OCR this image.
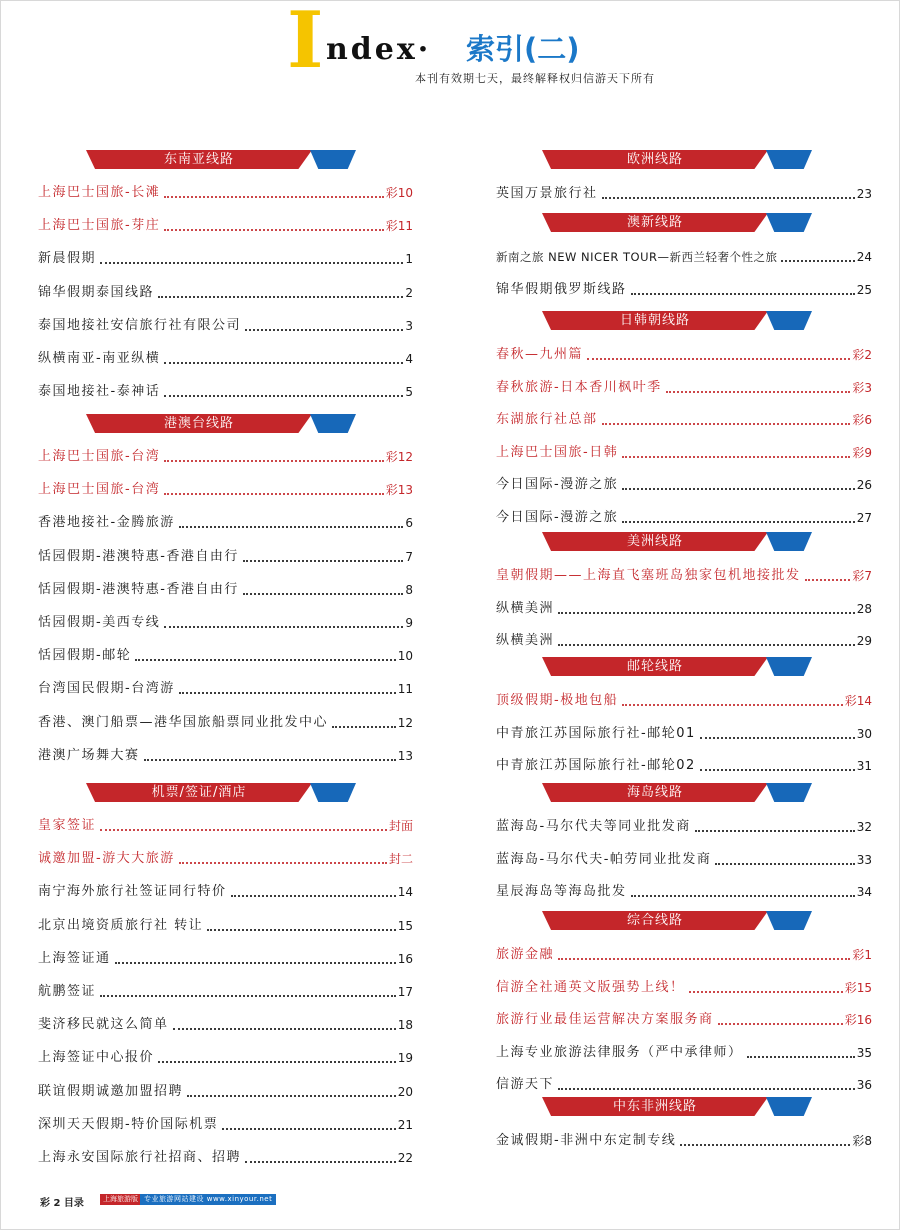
I ndex· 索引(二)
本刊有效期七天，最终解释权归信游天下所有
东南亚线路
上海巴士国旅-长滩	彩10
上海巴士国旅-芽庄	彩11
新晨假期	1
锦华假期泰国线路	2
泰国地接社安信旅行社有限公司	3
纵横南亚-南亚纵横	4
泰国地接社-泰神话	5
港澳台线路
上海巴士国旅-台湾	彩12
上海巴士国旅-台湾	彩13
香港地接社-金腾旅游	6
恬园假期-港澳特惠-香港自由行	7
恬园假期-港澳特惠-香港自由行	8
恬园假期-美西专线	9
恬园假期-邮轮	10
台湾国民假期-台湾游	11
香港、澳门船票—港华国旅船票同业批发中心	12
港澳广场舞大赛	13
机票/签证/酒店
皇家签证	封面
诚邀加盟-游大大旅游	封二
南宁海外旅行社签证同行特价	14
北京出境资质旅行社 转让	15
上海签证通	16
航鹏签证	17
斐济移民就这么简单	18
上海签证中心报价	19
联谊假期诚邀加盟招聘	20
深圳天天假期-特价国际机票	21
上海永安国际旅行社招商、招聘	22
欧洲线路
英国万景旅行社	23
澳新线路
新南之旅 NEW NICER TOUR—新西兰轻奢个性之旅	24
锦华假期俄罗斯线路	25
日韩朝线路
春秋—九州篇	彩2
春秋旅游-日本香川枫叶季	彩3
东湖旅行社总部	彩6
上海巴士国旅-日韩	彩9
今日国际-漫游之旅	26
今日国际-漫游之旅	27
美洲线路
皇朝假期——上海直飞塞班岛独家包机地接批发	彩7
纵横美洲	28
纵横美洲	29
邮轮线路
顶级假期-极地包船	彩14
中青旅江苏国际旅行社-邮轮01	30
中青旅江苏国际旅行社-邮轮02	31
海岛线路
蓝海岛-马尔代夫等同业批发商	32
蓝海岛-马尔代夫-帕劳同业批发商	33
星辰海岛等海岛批发	34
综合线路
旅游金融	彩1
信游全社通英文版强势上线！	彩15
旅游行业最佳运营解决方案服务商	彩16
上海专业旅游法律服务（严中承律师）	35
信游天下	36
中东非洲线路
金诚假期-非洲中东定制专线	彩8
彩 2 目录	上海旅游版 专业旅游网站建设 www.xinyour.net
